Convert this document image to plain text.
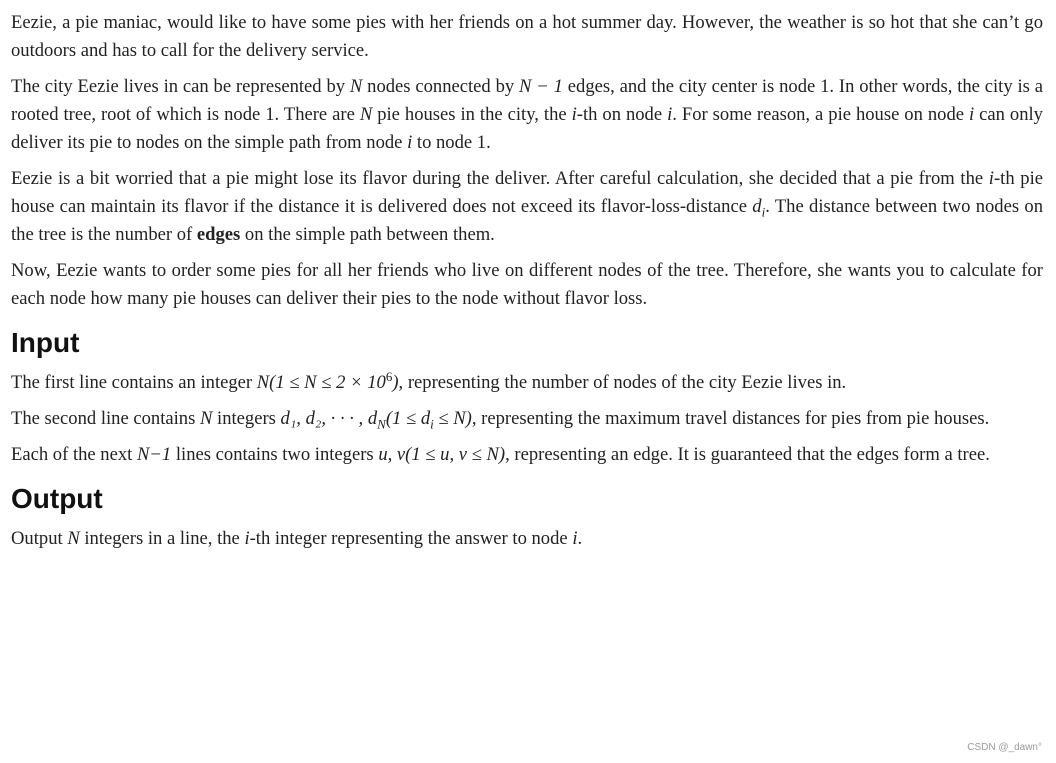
Eezie, a pie maniac, would like to have some pies with her friends on a hot summer day. However, the weather is so hot that she can’t go outdoors and has to call for the delivery service.

The city Eezie lives in can be represented by N nodes connected by N − 1 edges, and the city center is node 1. In other words, the city is a rooted tree, root of which is node 1. There are N pie houses in the city, the i-th on node i. For some reason, a pie house on node i can only deliver its pie to nodes on the simple path from node i to node 1.

Eezie is a bit worried that a pie might lose its flavor during the deliver. After careful calculation, she decided that a pie from the i-th pie house can maintain its flavor if the distance it is delivered does not exceed its flavor-loss-distance $d_i$. The distance between two nodes on the tree is the number of edges on the simple path between them.

Now, Eezie wants to order some pies for all her friends who live on different nodes of the tree. Therefore, she wants you to calculate for each node how many pie houses can deliver their pies to the node without flavor loss.

Input

The first line contains an integer $N(1 \le N \le 2 \times 10^6)$, representing the number of nodes of the city Eezie lives in.

The second line contains N integers d₁, d₂, · · · , $d_N(1 \le d_i \le N)$, representing the maximum travel distances for pies from pie houses.

Each of the next N−1 lines contains two integers u, v(1 ≤ u, v ≤ N), representing an edge. It is guaranteed that the edges form a tree.

Output

Output N integers in a line, the i-th integer representing the answer to node i.

CSDN @_dawn°
